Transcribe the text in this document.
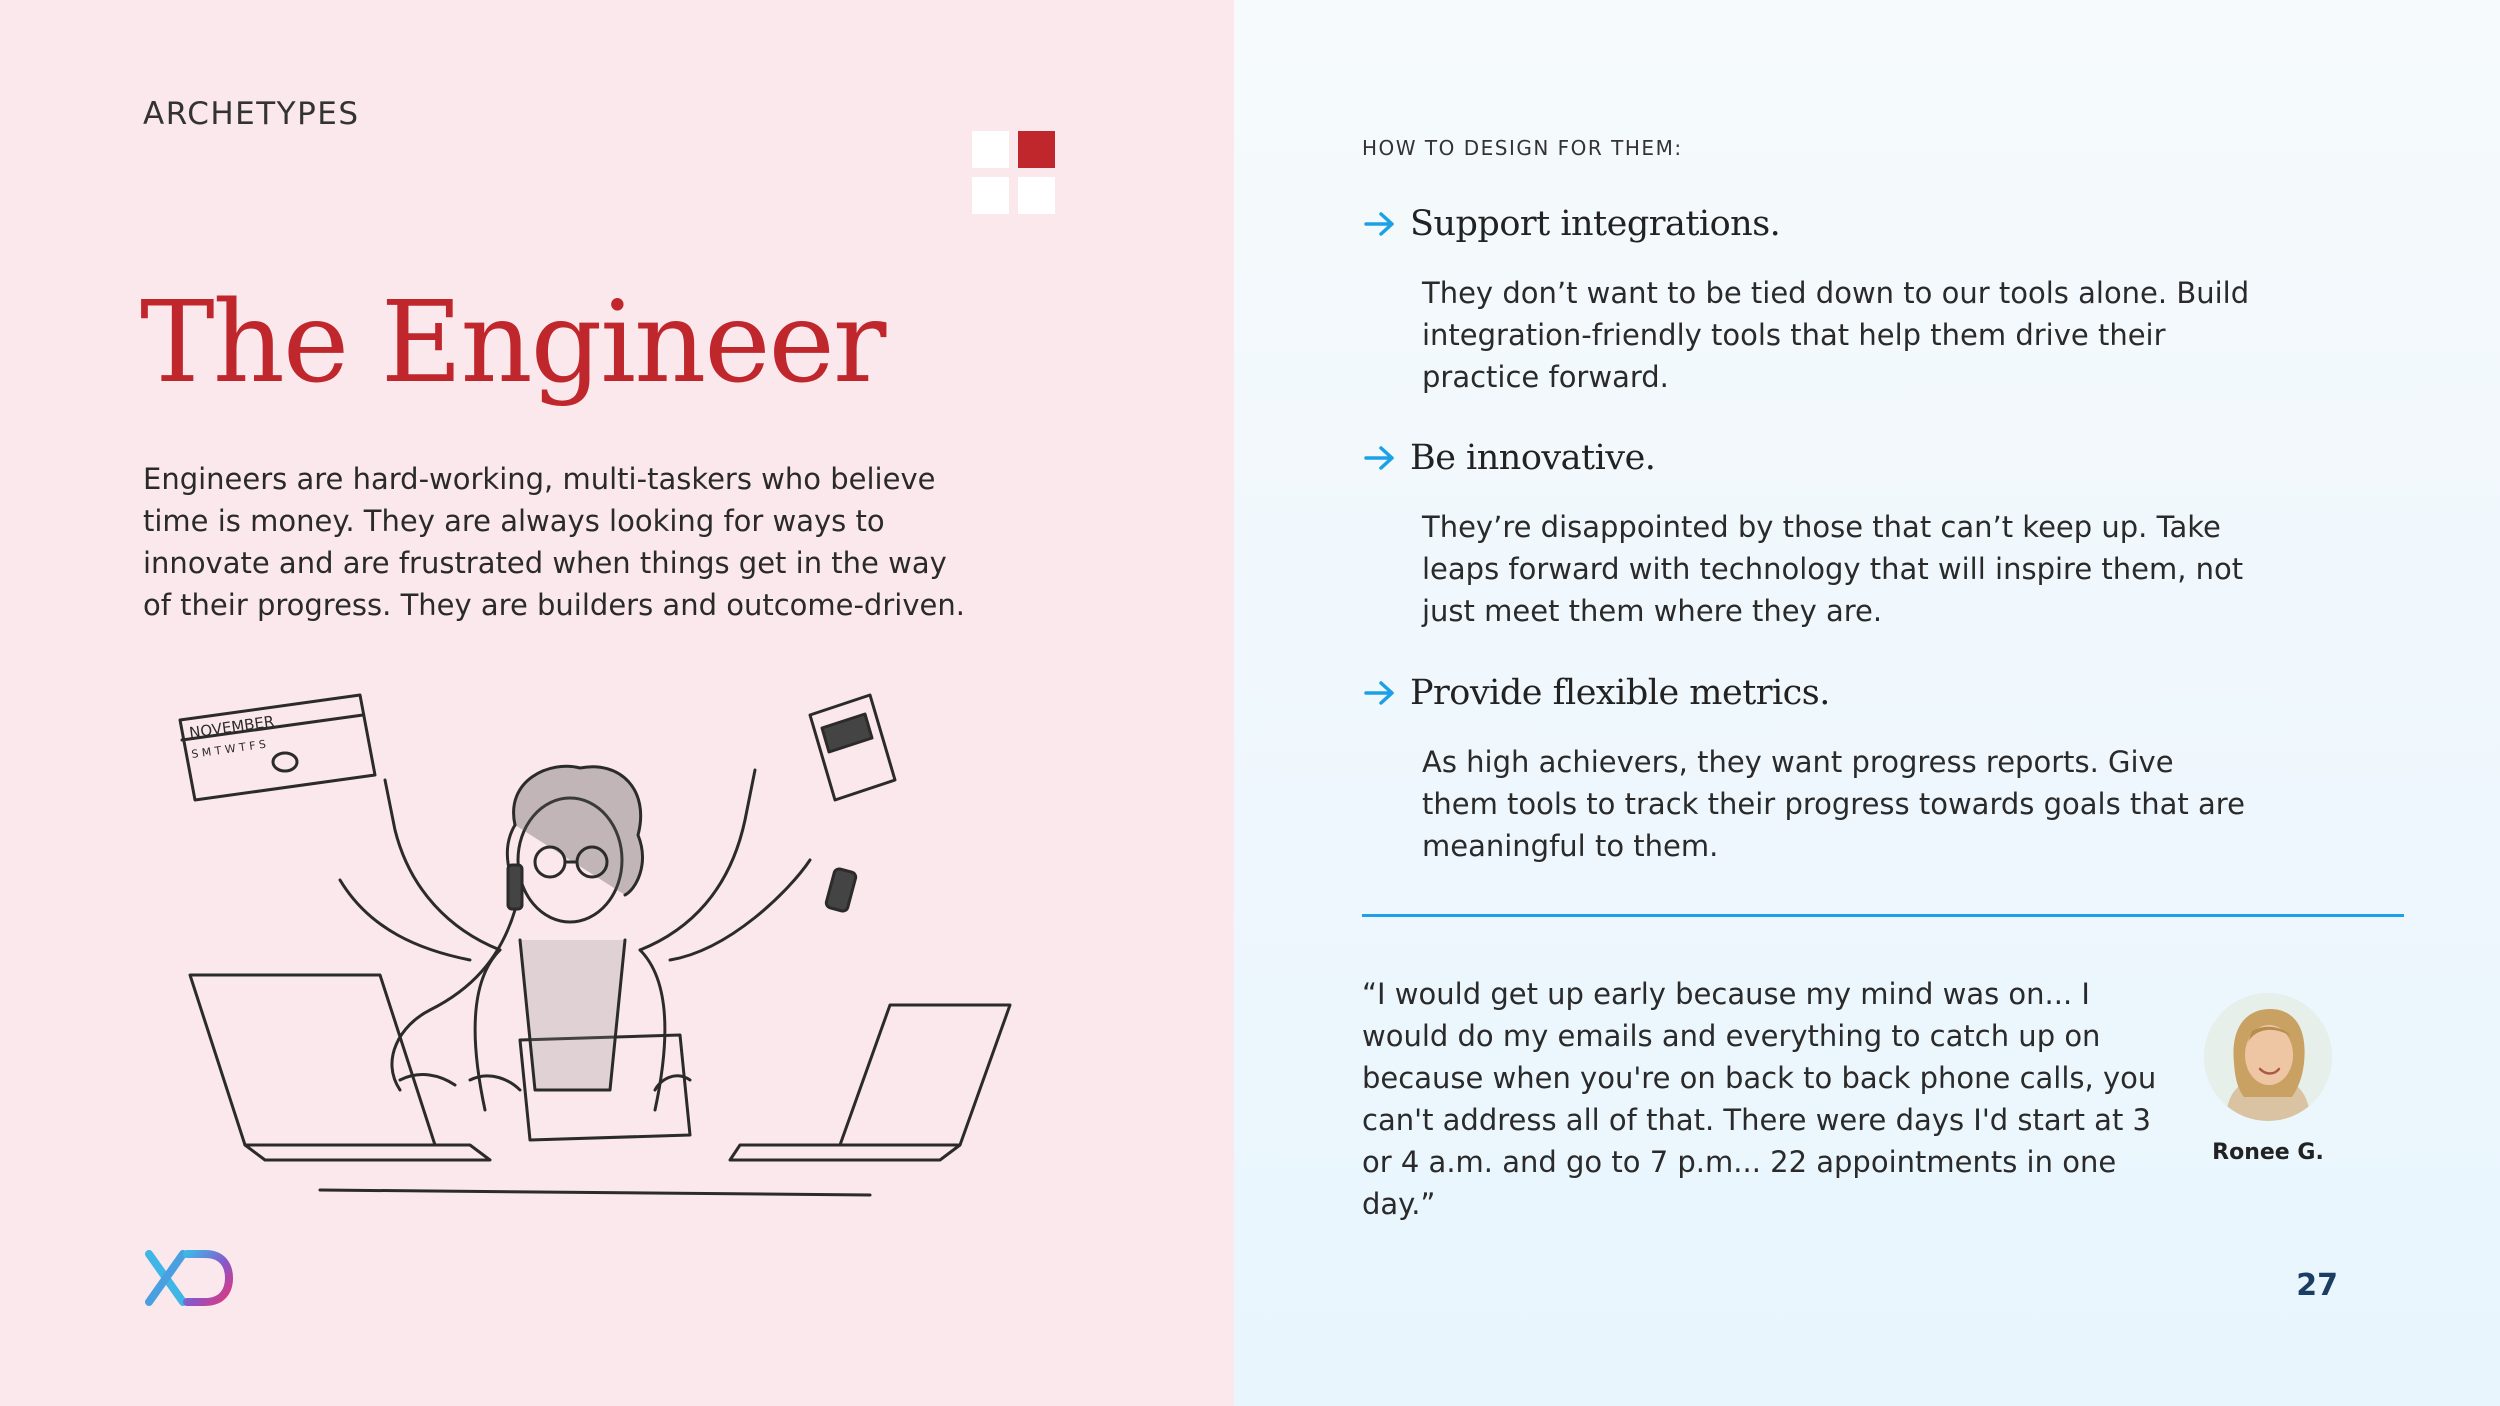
ARCHETYPES
The Engineer

Engineers are hard-working, multi-taskers who believe time is money. They are always looking for ways to innovate and are frustrated when things get in the way of their progress. They are builders and outcome-driven.

NOVEMBER
S M T W T F S
HOW TO DESIGN FOR THEM:
Support integrations.
They don’t want to be tied down to our tools alone. Build integration-friendly tools that help them drive their practice forward.
Be innovative.
They’re disappointed by those that can’t keep up. Take leaps forward with technology that will inspire them, not just meet them where they are.
Provide flexible metrics.
As high achievers, they want progress reports. Give them tools to track their progress towards goals that are meaningful to them.

“I would get up early because my mind was on... I would do my emails and everything to catch up on because when you're on back to back phone calls, you can't address all of that. There were days I'd start at 3 or 4 a.m. and go to 7 p.m... 22 appointments in one day.”

Ronee G.
27
